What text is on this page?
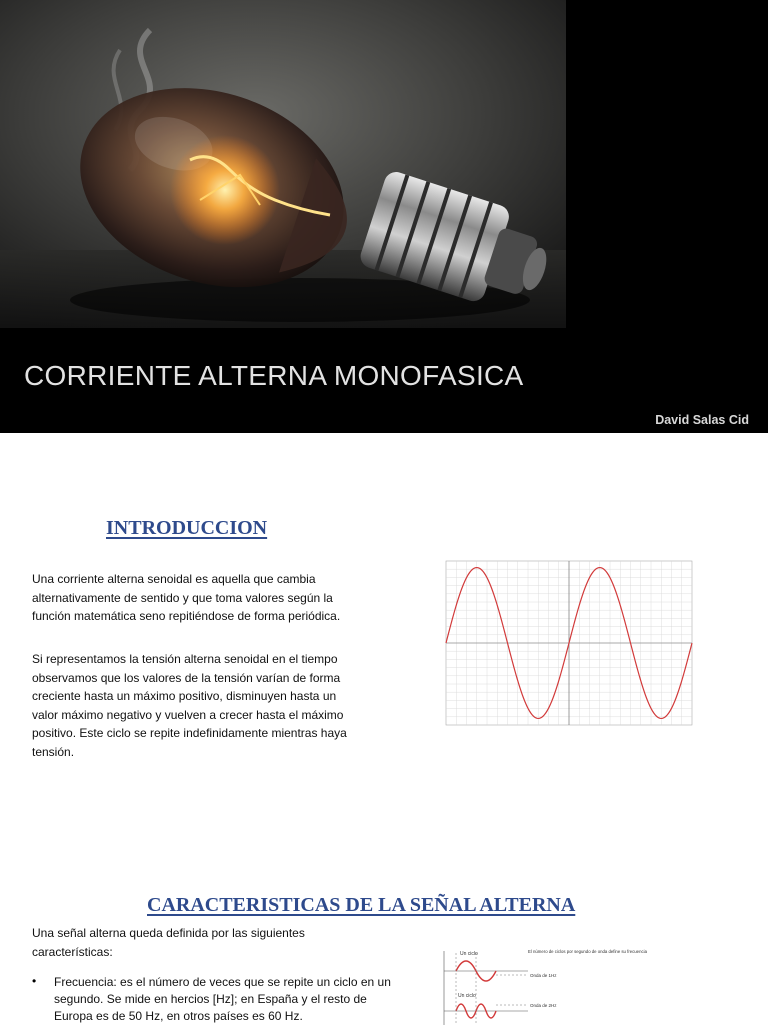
CORRIENTE ALTERNA MONOFASICA
David Salas Cid
INTRODUCCION

Una corriente alterna senoidal es aquella que cambia alternativamente de sentido y que toma valores según la función matemática seno repitiéndose de forma periódica.

Si representamos la tensión alterna senoidal en el tiempo observamos que los valores de la tensión varían de forma creciente hasta un máximo positivo, disminuyen hasta un valor máximo negativo y vuelven a crecer hasta el máximo positivo. Este ciclo se repite indefinidamente mientras haya tensión.

CARACTERISTICAS DE LA SEÑAL ALTERNA

Una señal alterna queda definida por las siguientes características:

• Frecuencia: es el número de veces que se repite un ciclo en un segundo. Se mide en hercios [Hz]; en España y el resto de Europa es de 50 Hz, en otros países es 60 Hz.
Un ciclo
Un ciclo
El número de ciclos por segundo de onda define su frecuencia
Onda de 1Hz
Onda de 2Hz
